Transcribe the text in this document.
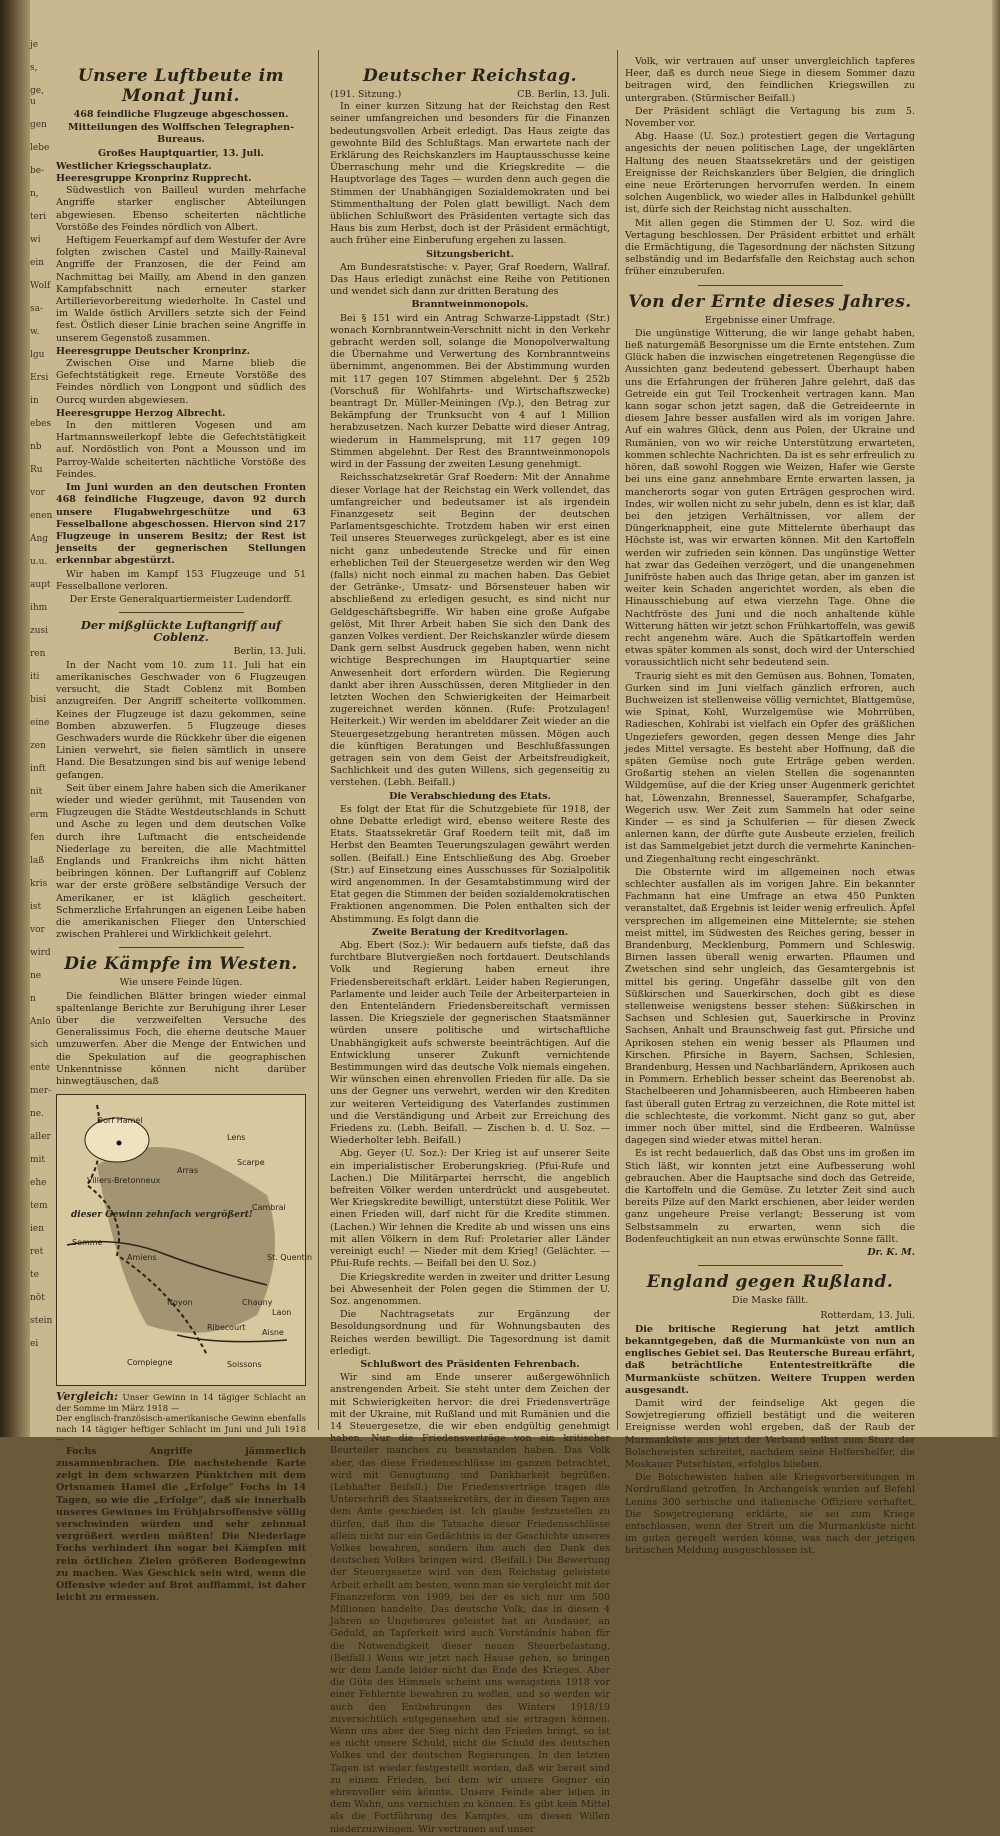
je
s,
ge, u
gen
lebe
be-
n,
teri
wi
ein
Wolf
sa-
w.
lgu
Ersi
in
ebes
nb
Ru
vor
enen
Ang
u.u.
aupt
ihm
zusi
ren
iti
bisi
eine
zen
inft
nit
erm
fen
laß
kris
ist
vor
wird
ne
n
Anlo
sich
ente
mer-
ne.
aller
mit
ehe
tem
ien
ret
te
nöt
stein
ei
Unsere Luftbeute im Monat Juni.
468 feindliche Flugzeuge abgeschossen.
Mitteilungen des Wolffschen Telegraphen-Bureaus.
Großes Hauptquartier, 13. Juli.
Westlicher Kriegsschauplatz.
Heeresgruppe Kronprinz Rupprecht.

Südwestlich von Bailleul wurden mehrfache Angriffe starker englischer Abteilungen abgewiesen. Ebenso scheiterten nächtliche Vorstöße des Feindes nördlich von Albert.

Heftigem Feuerkampf auf dem Westufer der Avre folgten zwischen Castel und Mailly-Raineval Angriffe der Franzosen, die der Feind am Nachmittag bei Mailly, am Abend in den ganzen Kampfabschnitt nach erneuter starker Artillerievorbereitung wiederholte. In Castel und im Walde östlich Arvillers setzte sich der Feind fest. Östlich dieser Linie brachen seine Angriffe in unserem Gegenstoß zusammen.

Heeresgruppe Deutscher Kronprinz.

Zwischen Oise und Marne blieb die Gefechtstätigkeit rege. Erneute Vorstöße des Feindes nördlich von Longpont und südlich des Ourcq wurden abgewiesen.

Heeresgruppe Herzog Albrecht.

In den mittleren Vogesen und am Hartmannsweilerkopf lebte die Gefechtstätigkeit auf. Nordöstlich von Pont a Mousson und im Parroy-Walde scheiterten nächtliche Vorstöße des Feindes.

Im Juni wurden an den deutschen Fronten 468 feindliche Flugzeuge, davon 92 durch unsere Flugabwehrgeschütze und 63 Fesselballone abgeschossen. Hiervon sind 217 Flugzeuge in unserem Besitz; der Rest ist jenseits der gegnerischen Stellungen erkennbar abgestürzt.

Wir haben im Kampf 153 Flugzeuge und 51 Fesselballone verloren.

Der Erste Generalquartiermeister Ludendorff.
Der mißglückte Luftangriff auf Coblenz.
Berlin, 13. Juli.

In der Nacht vom 10. zum 11. Juli hat ein amerikanisches Geschwader von 6 Flugzeugen versucht, die Stadt Coblenz mit Bomben anzugreifen. Der Angriff scheiterte vollkommen. Keines der Flugzeuge ist dazu gekommen, seine Bomben abzuwerfen. 5 Flugzeuge dieses Geschwaders wurde die Rückkehr über die eigenen Linien verwehrt, sie fielen sämtlich in unsere Hand. Die Besatzungen sind bis auf wenige lebend gefangen.

Seit über einem Jahre haben sich die Amerikaner wieder und wieder gerühmt, mit Tausenden von Flugzeugen die Städte Westdeutschlands in Schutt und Asche zu legen und dem deutschen Volke durch ihre Luftmacht die entscheidende Niederlage zu bereiten, die alle Machtmittel Englands und Frankreichs ihm nicht hätten beibringen können. Der Luftangriff auf Coblenz war der erste größere selbständige Versuch der Amerikaner, er ist kläglich gescheitert. Schmerzliche Erfahrungen an eigenen Leibe haben die amerikanischen Flieger den Unterschied zwischen Prahlerei und Wirklichkeit gelehrt.

Die Kämpfe im Westen.
Wie unsere Feinde lügen.

Die feindlichen Blätter bringen wieder einmal spaltenlange Berichte zur Beruhigung ihrer Leser über die verzweifelten Versuche des Generalissimus Foch, die eherne deutsche Mauer umzuwerfen. Aber die Menge der Entwichen und die Spekulation auf die geographischen Unkenntnisse können nicht darüber hinwegtäuschen, daß

dieser Gewinn zehnfach vergrößert!
Dorf Hamel
Lens
Arras
Scarpe
Villers-Bretonneux
Cambrai
Somme
Amiens	St. Quentin
Noyon	Chauny
Laon
Ribecourt
Aisne
Compiegne	Soissons
Vergleich: Unser Gewinn in 14 tägiger Schlacht an der Somme im März 1918 —
Der englisch-französisch-amerikanische Gewinn ebenfalls nach 14 tägiger heftiger Schlacht im Juni und Juli 1918 —

Fochs Angriffe jämmerlich zusammenbrachen. Die nachstehende Karte zeigt in dem schwarzen Pünktchen mit dem Ortsnamen Hamel die „Erfolge“ Fochs in 14 Tagen, so wie die „Erfolge“, daß sie innerhalb unseres Gewinnes im Frühjahrsoffensive völlig verschwinden würden und sehr zehnmal vergrößert werden müßten! Die Niederlage Fochs verhindert ihn sogar bei Kämpfen mit rein örtlichen Zielen größeren Bodengewinn zu machen. Was Geschick sein wird, wenn die Offensive wieder auf Brot aufflammt, ist daher leicht zu ermessen.

Deutscher Reichstag.
(191. Sitzung.)	CB. Berlin, 13. Juli.

In einer kurzen Sitzung hat der Reichstag den Rest seiner umfangreichen und besonders für die Finanzen bedeutungsvollen Arbeit erledigt. Das Haus zeigte das gewohnte Bild des Schlußtags. Man erwartete nach der Erklärung des Reichskanzlers im Hauptausschusse keine Überraschung mehr und die Kriegskredite — die Hauptvorlage des Tages — wurden denn auch gegen die Stimmen der Unabhängigen Sozialdemokraten und bei Stimmenthaltung der Polen glatt bewilligt. Nach dem üblichen Schlußwort des Präsidenten vertagte sich das Haus bis zum Herbst, doch ist der Präsident ermächtigt, auch früher eine Einberufung ergehen zu lassen.

Sitzungsbericht.

Am Bundesratstische: v. Payer, Graf Roedern, Wallraf. Das Haus erledigt zunächst eine Reihe von Petitionen und wendet sich dann zur dritten Beratung des

Branntweinmonopols.

Bei § 151 wird ein Antrag Schwarze-Lippstadt (Str.) wonach Kornbranntwein-Verschnitt nicht in den Verkehr gebracht werden soll, solange die Monopolverwaltung die Übernahme und Verwertung des Kornbranntweins übernimmt, angenommen. Bei der Abstimmung wurden mit 117 gegen 107 Stimmen abgelehnt. Der § 252b (Vorschuß für Wohlfahrts- und Wirtschaftszwecke) beantragt Dr. Müller-Meiningen (Vp.), den Betrag zur Bekämpfung der Trunksucht von 4 auf 1 Million herabzusetzen. Nach kurzer Debatte wird dieser Antrag, wiederum in Hammelsprung, mit 117 gegen 109 Stimmen abgelehnt. Der Rest des Branntweinmonopols wird in der Fassung der zweiten Lesung genehmigt.

Reichsschatzsekretär Graf Roedern: Mit der Annahme dieser Vorlage hat der Reichstag ein Werk vollendet, das umfangreicher und bedeutsamer ist als irgendein Finanzgesetz seit Beginn der deutschen Parlamentsgeschichte. Trotzdem haben wir erst einen Teil unseres Steuerweges zurückgelegt, aber es ist eine nicht ganz unbedeutende Strecke und für einen erheblichen Teil der Steuergesetze werden wir den Weg (falls) nicht noch einmal zu machen haben. Das Gebiet der Getränke-, Umsatz- und Börsensteuer haben wir abschließend zu erledigen gesucht, es sind nicht nur Geldgeschäftsbegriffe. Wir haben eine große Aufgabe gelöst, Mit Ihrer Arbeit haben Sie sich den Dank des ganzen Volkes verdient. Der Reichskanzler würde diesem Dank gern selbst Ausdruck gegeben haben, wenn nicht wichtige Besprechungen im Hauptquartier seine Anwesenheit dort erfordern würden. Die Regierung dankt aber ihren Ausschüssen, deren Mitglieder in den letzten Wochen den Schwierigkeiten der Heimarbeit zugereichnet werden können. (Rufe: Protzulagen! Heiterkeit.) Wir werden im abelddarer Zeit wieder an die Steuergesetzgebung herantreten müssen. Mögen auch die künftigen Beratungen und Beschlußfassungen getragen sein von dem Geist der Arbeitsfreudigkeit, Sachlichkeit und des guten Willens, sich gegenseitig zu verstehen. (Lebh. Beifall.)

Die Verabschiedung des Etats.

Es folgt der Etat für die Schutzgebiete für 1918, der ohne Debatte erledigt wird, ebenso weitere Reste des Etats. Staatssekretär Graf Roedern teilt mit, daß im Herbst den Beamten Teuerungszulagen gewährt werden sollen. (Beifall.) Eine Entschließung des Abg. Groeber (Str.) auf Einsetzung eines Ausschusses für Sozialpolitik wird angenommen. In der Gesamtabstimmung wird der Etat gegen die Stimmen der beiden sozialdemokratischen Fraktionen angenommen. Die Polen enthalten sich der Abstimmung. Es folgt dann die

Zweite Beratung der Kreditvorlagen.

Abg. Ebert (Soz.): Wir bedauern aufs tiefste, daß das furchtbare Blutvergießen noch fortdauert. Deutschlands Volk und Regierung haben erneut ihre Friedensbereitschaft erklärt. Leider haben Regierungen, Parlamente und leider auch Teile der Arbeiterparteien in den Ententeländern Friedensbereitschaft vermissen lassen. Die Kriegsziele der gegnerischen Staatsmänner würden unsere politische und wirtschaftliche Unabhängigkeit aufs schwerste beeinträchtigen. Auf die Entwicklung unserer Zukunft vernichtende Bestimmungen wird das deutsche Volk niemals eingehen. Wir wünschen einen ehrenvollen Frieden für alle. Da sie uns der Gegner uns verwehrt, werden wir den Krediten zur weiteren Verteidigung des Vaterlandes zustimmen und die Verständigung und Arbeit zur Erreichung des Friedens zu. (Lebh. Beifall. — Zischen b. d. U. Soz. — Wiederholter lebh. Beifall.)

Abg. Geyer (U. Soz.): Der Krieg ist auf unserer Seite ein imperialistischer Eroberungskrieg. (Pfui-Rufe und Lachen.) Die Militärpartei herrscht, die angeblich befreiten Völker werden unterdrückt und ausgebeutet. Wer Kriegskredite bewilligt, unterstützt diese Politik. Wer einen Frieden will, darf nicht für die Kredite stimmen. (Lachen.) Wir lehnen die Kredite ab und wissen uns eins mit allen Völkern in dem Ruf: Proletarier aller Länder vereinigt euch! — Nieder mit dem Krieg! (Gelächter. — Pfui-Rufe rechts. — Beifall bei den U. Soz.)

Die Kriegskredite werden in zweiter und dritter Lesung bei Abwesenheit der Polen gegen die Stimmen der U. Soz. angenommen.

Die Nachtragsetats zur Ergänzung der Besoldungsordnung und für Wohnungsbauten des Reiches werden bewilligt. Die Tagesordnung ist damit erledigt.

Schlußwort des Präsidenten Fehrenbach.

Wir sind am Ende unserer außergewöhnlich anstrengenden Arbeit. Sie steht unter dem Zeichen der mit Schwierigkeiten hervor: die drei Friedensverträge mit der Ukraine, mit Rußland und mit Rumänien und die 14 Steuergesetze, die wir eben endgültig genehmigt haben. Nur die Friedensverträge von ein kritischer Beurteiler manches zu beanstanden haben. Das Volk aber, das diese Friedensschlüsse im ganzen betrachtet, wird mit Genugtuung und Dankbarkeit begrüßen. (Lebhafter Beifall.) Die Friedensverträge tragen die Unterschrift des Staatssekretärs, der in diesen Tagen aus dem Amte geschieden ist. Ich glaube festzustellen zu dürfen, daß ihm die Tatsache dieser Friedensschlüsse allein nicht nur ein Gedächtnis in der Geschichte unseres Volkes bewahren, sondern ihm auch den Dank des deutschen Volkes bringen wird. (Beifall.) Die Bewertung der Steuergesetze wird von dem Reichstag geleistete Arbeit erhellt am besten, wenn man sie vergleicht mit der Finanzreform von 1909, bei der es sich nur um 500 Millionen handelte. Das deutsche Volk, das in diesen 4 Jahren so Ungeheures geleistet hat an Ausdauer, an Geduld, an Tapferkeit wird auch Verständnis haben für die Notwendigkeit dieser neuen Steuerbelastung. (Beifall.) Wenn wir jetzt nach Hause gehen, so bringen wir dem Lande leider nicht das Ende des Krieges. Aber die Güte des Himmels scheint uns wenigstens 1918 vor einer Fehlernte bewahren zu wollen, und so werden wir auch den Entbehrungen des Winters 1918/19 zuversichtlich entgegensehen und sie ertragen können. Wenn uns aber der Sieg nicht den Frieden bringt, so ist es nicht unsere Schuld, nicht die Schuld des deutschen Volkes und der deutschen Regierungen. In den letzten Tagen ist wieder festgestellt worden, daß wir bereit sind zu einem Frieden, bei dem wir unsere Gegner ein ehrenvoller sein könnte. Unsere Feinde aber leben in dem Wahn, uns vernichten zu können. Es gibt kein Mittel als die Fortführung des Kampfes, um diesen Willen niederzuzwingen. Wir vertrauen auf unser

Volk, wir vertrauen auf unser unvergleichlich tapferes Heer, daß es durch neue Siege in diesem Sommer dazu beitragen wird, den feindlichen Kriegswillen zu untergraben. (Stürmischer Beifall.)

Der Präsident schlägt die Vertagung bis zum 5. November vor.

Abg. Haase (U. Soz.) protestiert gegen die Vertagung angesichts der neuen politischen Lage, der ungeklärten Haltung des neuen Staatssekretärs und der geistigen Ereignisse der Reichskanzlers über Belgien, die dringlich eine neue Erörterungen hervorrufen werden. In einem solchen Augenblick, wo wieder alles in Halbdunkel gehüllt ist, dürfe sich der Reichstag nicht ausschalten.

Mit allen gegen die Stimmen der U. Soz. wird die Vertagung beschlossen. Der Präsident erbittet und erhält die Ermächtigung, die Tagesordnung der nächsten Sitzung selbständig und im Bedarfsfalle den Reichstag auch schon früher einzuberufen.

Von der Ernte dieses Jahres.
Ergebnisse einer Umfrage.

Die ungünstige Witterung, die wir lange gehabt haben, ließ naturgemäß Besorgnisse um die Ernte entstehen. Zum Glück haben die inzwischen eingetretenen Regengüsse die Aussichten ganz bedeutend gebessert. Überhaupt haben uns die Erfahrungen der früheren Jahre gelehrt, daß das Getreide ein gut Teil Trockenheit vertragen kann. Man kann sogar schon jetzt sagen, daß die Getreideernte in diesem Jahre besser ausfallen wird als im vorigen Jahre. Auf ein wahres Glück, denn aus Polen, der Ukraine und Rumänien, von wo wir reiche Unterstützung erwarteten, kommen schlechte Nachrichten. Da ist es sehr erfreulich zu hören, daß sowohl Roggen wie Weizen, Hafer wie Gerste bei uns eine ganz annehmbare Ernte erwarten lassen, ja mancherorts sogar von guten Erträgen gesprochen wird. Indes, wir wollen nicht zu sehr jubeln, denn es ist klar, daß bei den jetzigen Verhältnissen, vor allem der Düngerknappheit, eine gute Mittelernte überhaupt das Höchste ist, was wir erwarten können. Mit den Kartoffeln werden wir zufrieden sein können. Das ungünstige Wetter hat zwar das Gedeihen verzögert, und die unangenehmen Junifröste haben auch das Ihrige getan, aber im ganzen ist weiter kein Schaden angerichtet worden, als eben die Hinausschiebung auf etwa vierzehn Tage. Ohne die Nachtfröste des Juni und die noch anhaltende kühle Witterung hätten wir jetzt schon Frühkartoffeln, was gewiß recht angenehm wäre. Auch die Spätkartoffeln werden etwas später kommen als sonst, doch wird der Unterschied voraussichtlich nicht sehr bedeutend sein.

Traurig sieht es mit den Gemüsen aus. Bohnen, Tomaten, Gurken sind im Juni vielfach gänzlich erfroren, auch Buchweizen ist stellenweise völlig vernichtet, Blattgemüse, wie Spinat, Kohl, Wurzelgemüse wie Mohrrüben, Radieschen, Kohlrabi ist vielfach ein Opfer des gräßlichen Ungeziefers geworden, gegen dessen Menge dies Jahr jedes Mittel versagte. Es besteht aber Hoffnung, daß die späten Gemüse noch gute Erträge geben werden. Großartig stehen an vielen Stellen die sogenannten Wildgemüse, auf die der Krieg unser Augenmerk gerichtet hat, Löwenzahn, Brennessel, Sauerampfer, Schafgarbe, Wegerich usw. Wer Zeit zum Sammeln hat oder seine Kinder — es sind ja Schulferien — für diesen Zweck anlernen kann, der dürfte gute Ausbeute erzielen, freilich ist das Sammelgebiet jetzt durch die vermehrte Kaninchen- und Ziegenhaltung recht eingeschränkt.

Die Obsternte wird im allgemeinen noch etwas schlechter ausfallen als im vorigen Jahre. Ein bekannter Fachmann hat eine Umfrage an etwa 450 Punkten veranstaltet, daß Ergebnis ist leider wenig erfreulich. Äpfel versprechen im allgemeinen eine Mittelernte; sie stehen meist mittel, im Südwesten des Reiches gering, besser in Brandenburg, Mecklenburg, Pommern und Schleswig. Birnen lassen überall wenig erwarten. Pflaumen und Zwetschen sind sehr ungleich, das Gesamtergebnis ist mittel bis gering. Ungefähr dasselbe gilt von den Süßkirschen und Sauerkirschen, doch gibt es diese stellenweise wenigstens besser stehen: Süßkirschen in Sachsen und Schlesien gut, Sauerkirsche in Provinz Sachsen, Anhalt und Braunschweig fast gut. Pfirsiche und Aprikosen stehen ein wenig besser als Pflaumen und Kirschen. Pfirsiche in Bayern, Sachsen, Schlesien, Brandenburg, Hessen und Nachbarländern, Aprikosen auch in Pommern. Erheblich besser scheint das Beerenobst ab. Stachelbeeren und Johannisbeeren, auch Himbeeren haben fast überall guten Ertrag zu verzeichnen, die Rote mittel ist die schlechteste, die vorkommt. Nicht ganz so gut, aber immer noch über mittel, sind die Erdbeeren. Walnüsse dagegen sind wieder etwas mittel heran.

Es ist recht bedauerlich, daß das Obst uns im großen im Stich läßt, wir konnten jetzt eine Aufbesserung wohl gebrauchen. Aber die Hauptsache sind doch das Getreide, die Kartoffeln und die Gemüse. Zu letzter Zeit sind auch bereits Pilze auf den Markt erschienen, aber leider werden ganz ungeheure Preise verlangt; Besserung ist vom Selbstsammeln zu erwarten, wenn sich die Bodenfeuchtigkeit an nun etwas erwünschte Sonne fällt.

Dr. K. M.
England gegen Rußland.
Die Maske fällt.
Rotterdam, 13. Juli.

Die britische Regierung hat jetzt amtlich bekanntgegeben, daß die Murmanküste von nun an englisches Gebiet sei. Das Reutersche Bureau erfährt, daß beträchtliche Ententestreitkräfte die Murmanküste schützen. Weitere Truppen werden ausgesandt.

Damit wird der feindselige Akt gegen die Sowjetregierung offiziell bestätigt und die weiteren Ereignisse werden wohl ergeben, daß der Raub der Murmanküste aus jetzt der Verband selbst zum Sturz der Bolschewisten schreitet, nachdem seine Helfershelfer, die Moskauer Putschisten, erfolglos blieben.

Die Bolschewisten haben alle Kriegsvorbereitungen in Nordrußland getroffen. In Archangelsk wurden auf Befehl Lenins 300 serbische und italienische Offiziere verhaftet. Die Sowjetregierung erklärte, sie sei zum Kriege entschlossen, wenn der Streit um die Murmanküste nicht im guten geregelt werden könne, was nach der jetzigen britischen Meldung ausgeschlossen ist.
